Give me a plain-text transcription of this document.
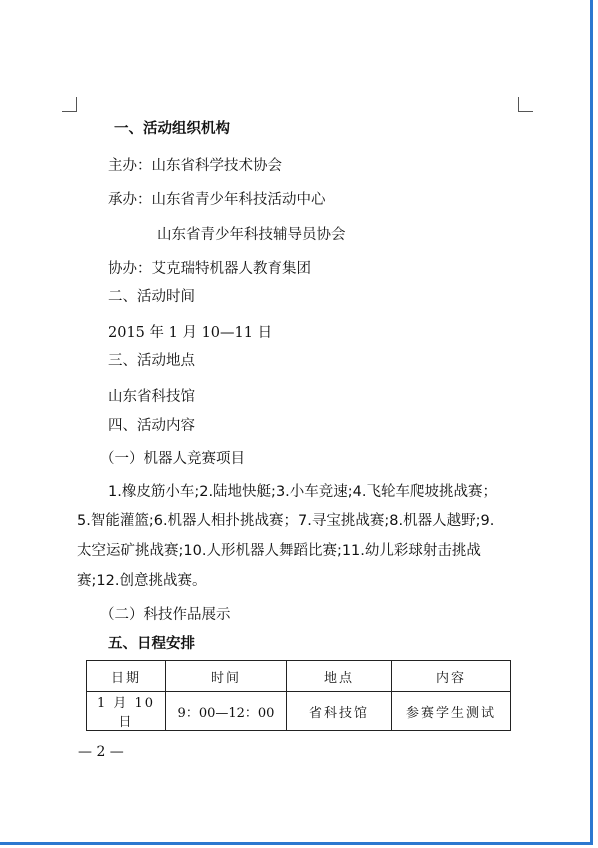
一、活动组织机构
主办：山东省科学技术协会
承办：山东省青少年科技活动中心
山东省青少年科技辅导员协会
协办：艾克瑞特机器人教育集团
二、活动时间
2015 年 1 月 10—11 日
三、活动地点
山东省科技馆
四、活动内容
（一）机器人竞赛项目
1.橡皮筋小车;2.陆地快艇;3.小车竞速;4.飞轮车爬坡挑战赛；
5.智能灌篮;6.机器人相扑挑战赛；7.寻宝挑战赛;8.机器人越野;9.
太空运矿挑战赛;10.人形机器人舞蹈比赛;11.幼儿彩球射击挑战
赛;12.创意挑战赛。
（二）科技作品展示
五、日程安排
日期	时间	地点	内容
1 月 10 日	9：00—12：00	省科技馆	参赛学生测试
— 2 —
